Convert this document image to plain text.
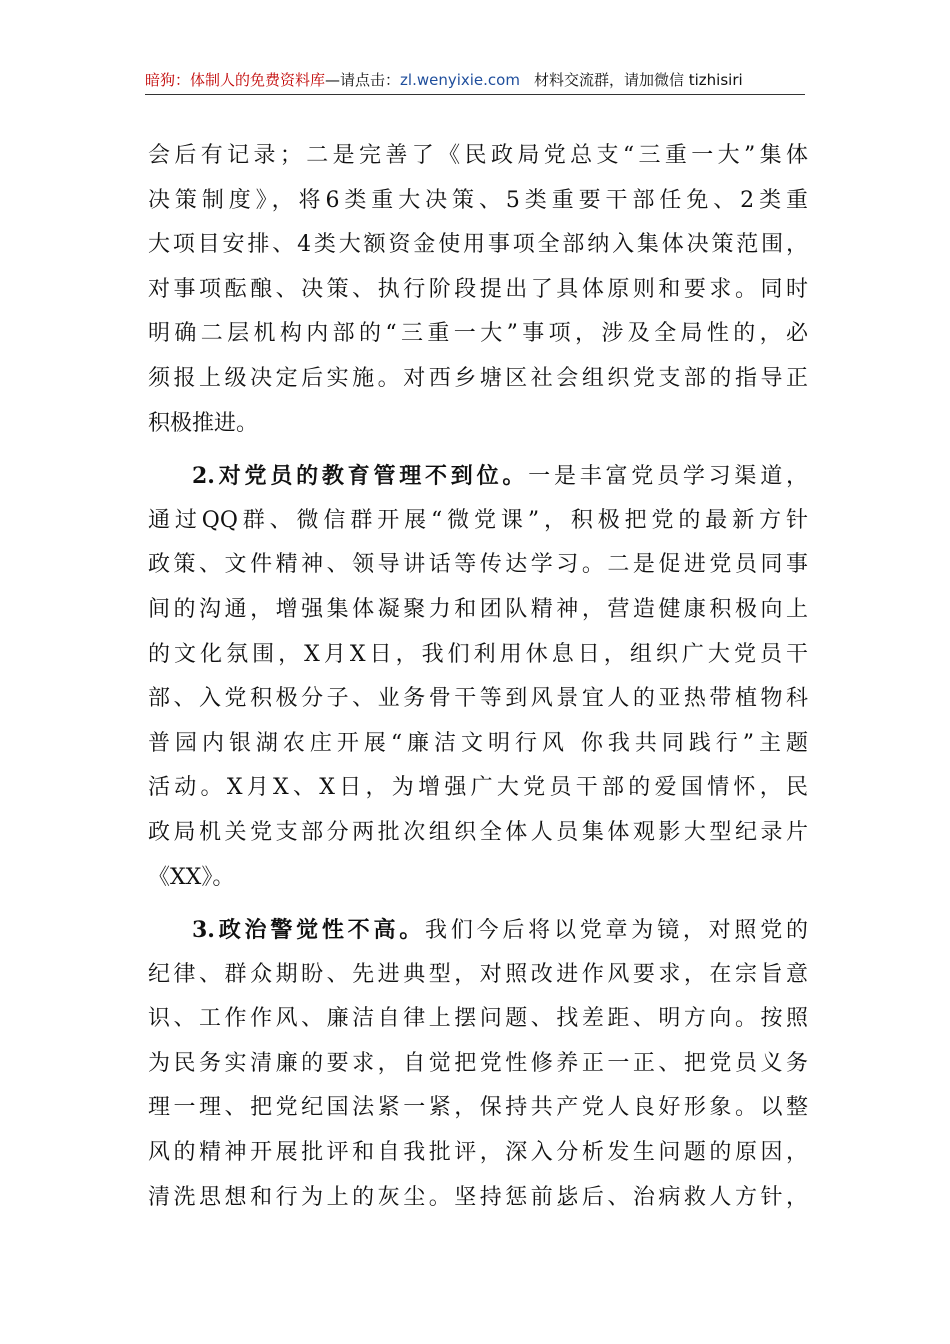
暗狗：体制人的免费资料库—请点击：zl.wenyixie.com 材料交流群，请加微信 tizhisiri
会后有记录；二是完善了《民政局党总支“三重一大”集体
决策制度》，将6类重大决策、5类重要干部任免、2类重
大项目安排、4类大额资金使用事项全部纳入集体决策范围，
对事项酝酿、决策、执行阶段提出了具体原则和要求。同时
明确二层机构内部的“三重一大”事项，涉及全局性的，必
须报上级决定后实施。对西乡塘区社会组织党支部的指导正
积极推进。
2.对党员的教育管理不到位。一是丰富党员学习渠道，
通过QQ群、微信群开展“微党课”，积极把党的最新方针
政策、文件精神、领导讲话等传达学习。二是促进党员同事
间的沟通，增强集体凝聚力和团队精神，营造健康积极向上
的文化氛围，X月X日，我们利用休息日，组织广大党员干
部、入党积极分子、业务骨干等到风景宜人的亚热带植物科
普园内银湖农庄开展“廉洁文明行风 你我共同践行”主题
活动。X月X、X日，为增强广大党员干部的爱国情怀，民
政局机关党支部分两批次组织全体人员集体观影大型纪录片
《XX》。
3.政治警觉性不高。我们今后将以党章为镜，对照党的
纪律、群众期盼、先进典型，对照改进作风要求，在宗旨意
识、工作作风、廉洁自律上摆问题、找差距、明方向。按照
为民务实清廉的要求，自觉把党性修养正一正、把党员义务
理一理、把党纪国法紧一紧，保持共产党人良好形象。以整
风的精神开展批评和自我批评，深入分析发生问题的原因，
清洗思想和行为上的灰尘。坚持惩前毖后、治病救人方针，
